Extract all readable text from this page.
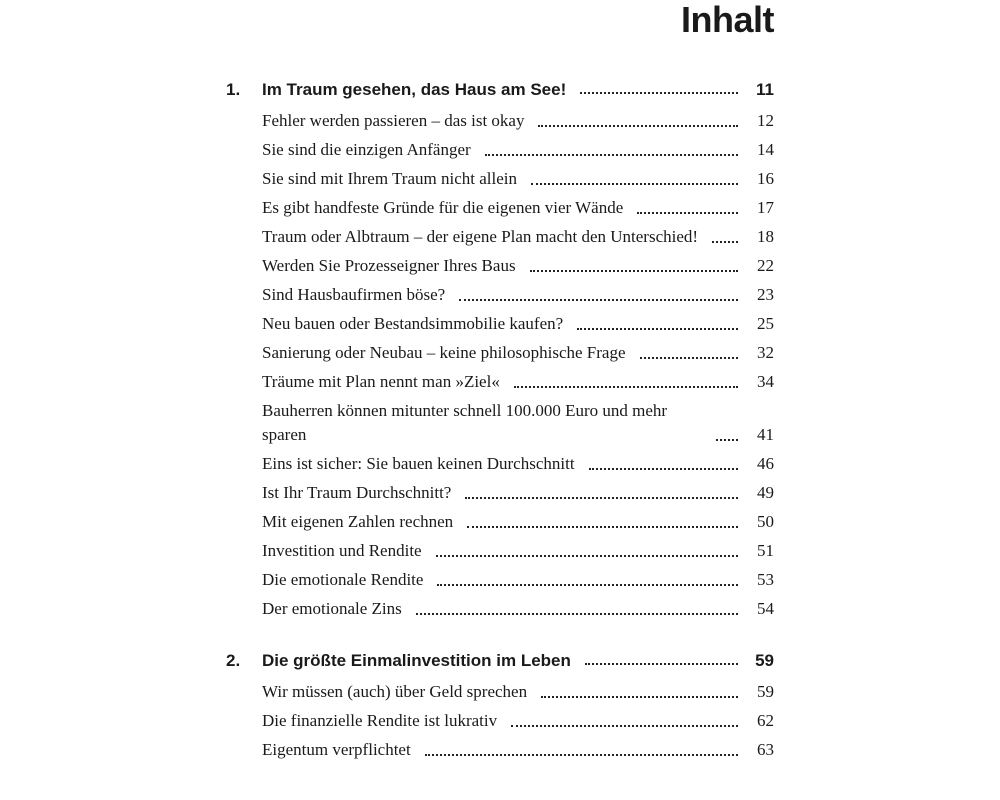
Inhalt
1.	Im Traum gesehen, das Haus am See!	11
Fehler werden passieren – das ist okay	12
Sie sind die einzigen Anfänger	14
Sie sind mit Ihrem Traum nicht allein	16
Es gibt handfeste Gründe für die eigenen vier Wände	17
Traum oder Albtraum – der eigene Plan macht den Unterschied!	18
Werden Sie Prozesseigner Ihres Baus	22
Sind Hausbaufirmen böse?	23
Neu bauen oder Bestandsimmobilie kaufen?	25
Sanierung oder Neubau – keine philosophische Frage	32
Träume mit Plan nennt man »Ziel«	34
Bauherren können mitunter schnell 100.000 Euro und mehr sparen	41
Eins ist sicher: Sie bauen keinen Durchschnitt	46
Ist Ihr Traum Durchschnitt?	49
Mit eigenen Zahlen rechnen	50
Investition und Rendite	51
Die emotionale Rendite	53
Der emotionale Zins	54
2.	Die größte Einmalinvestition im Leben	59
Wir müssen (auch) über Geld sprechen	59
Die finanzielle Rendite ist lukrativ	62
Eigentum verpflichtet	63
